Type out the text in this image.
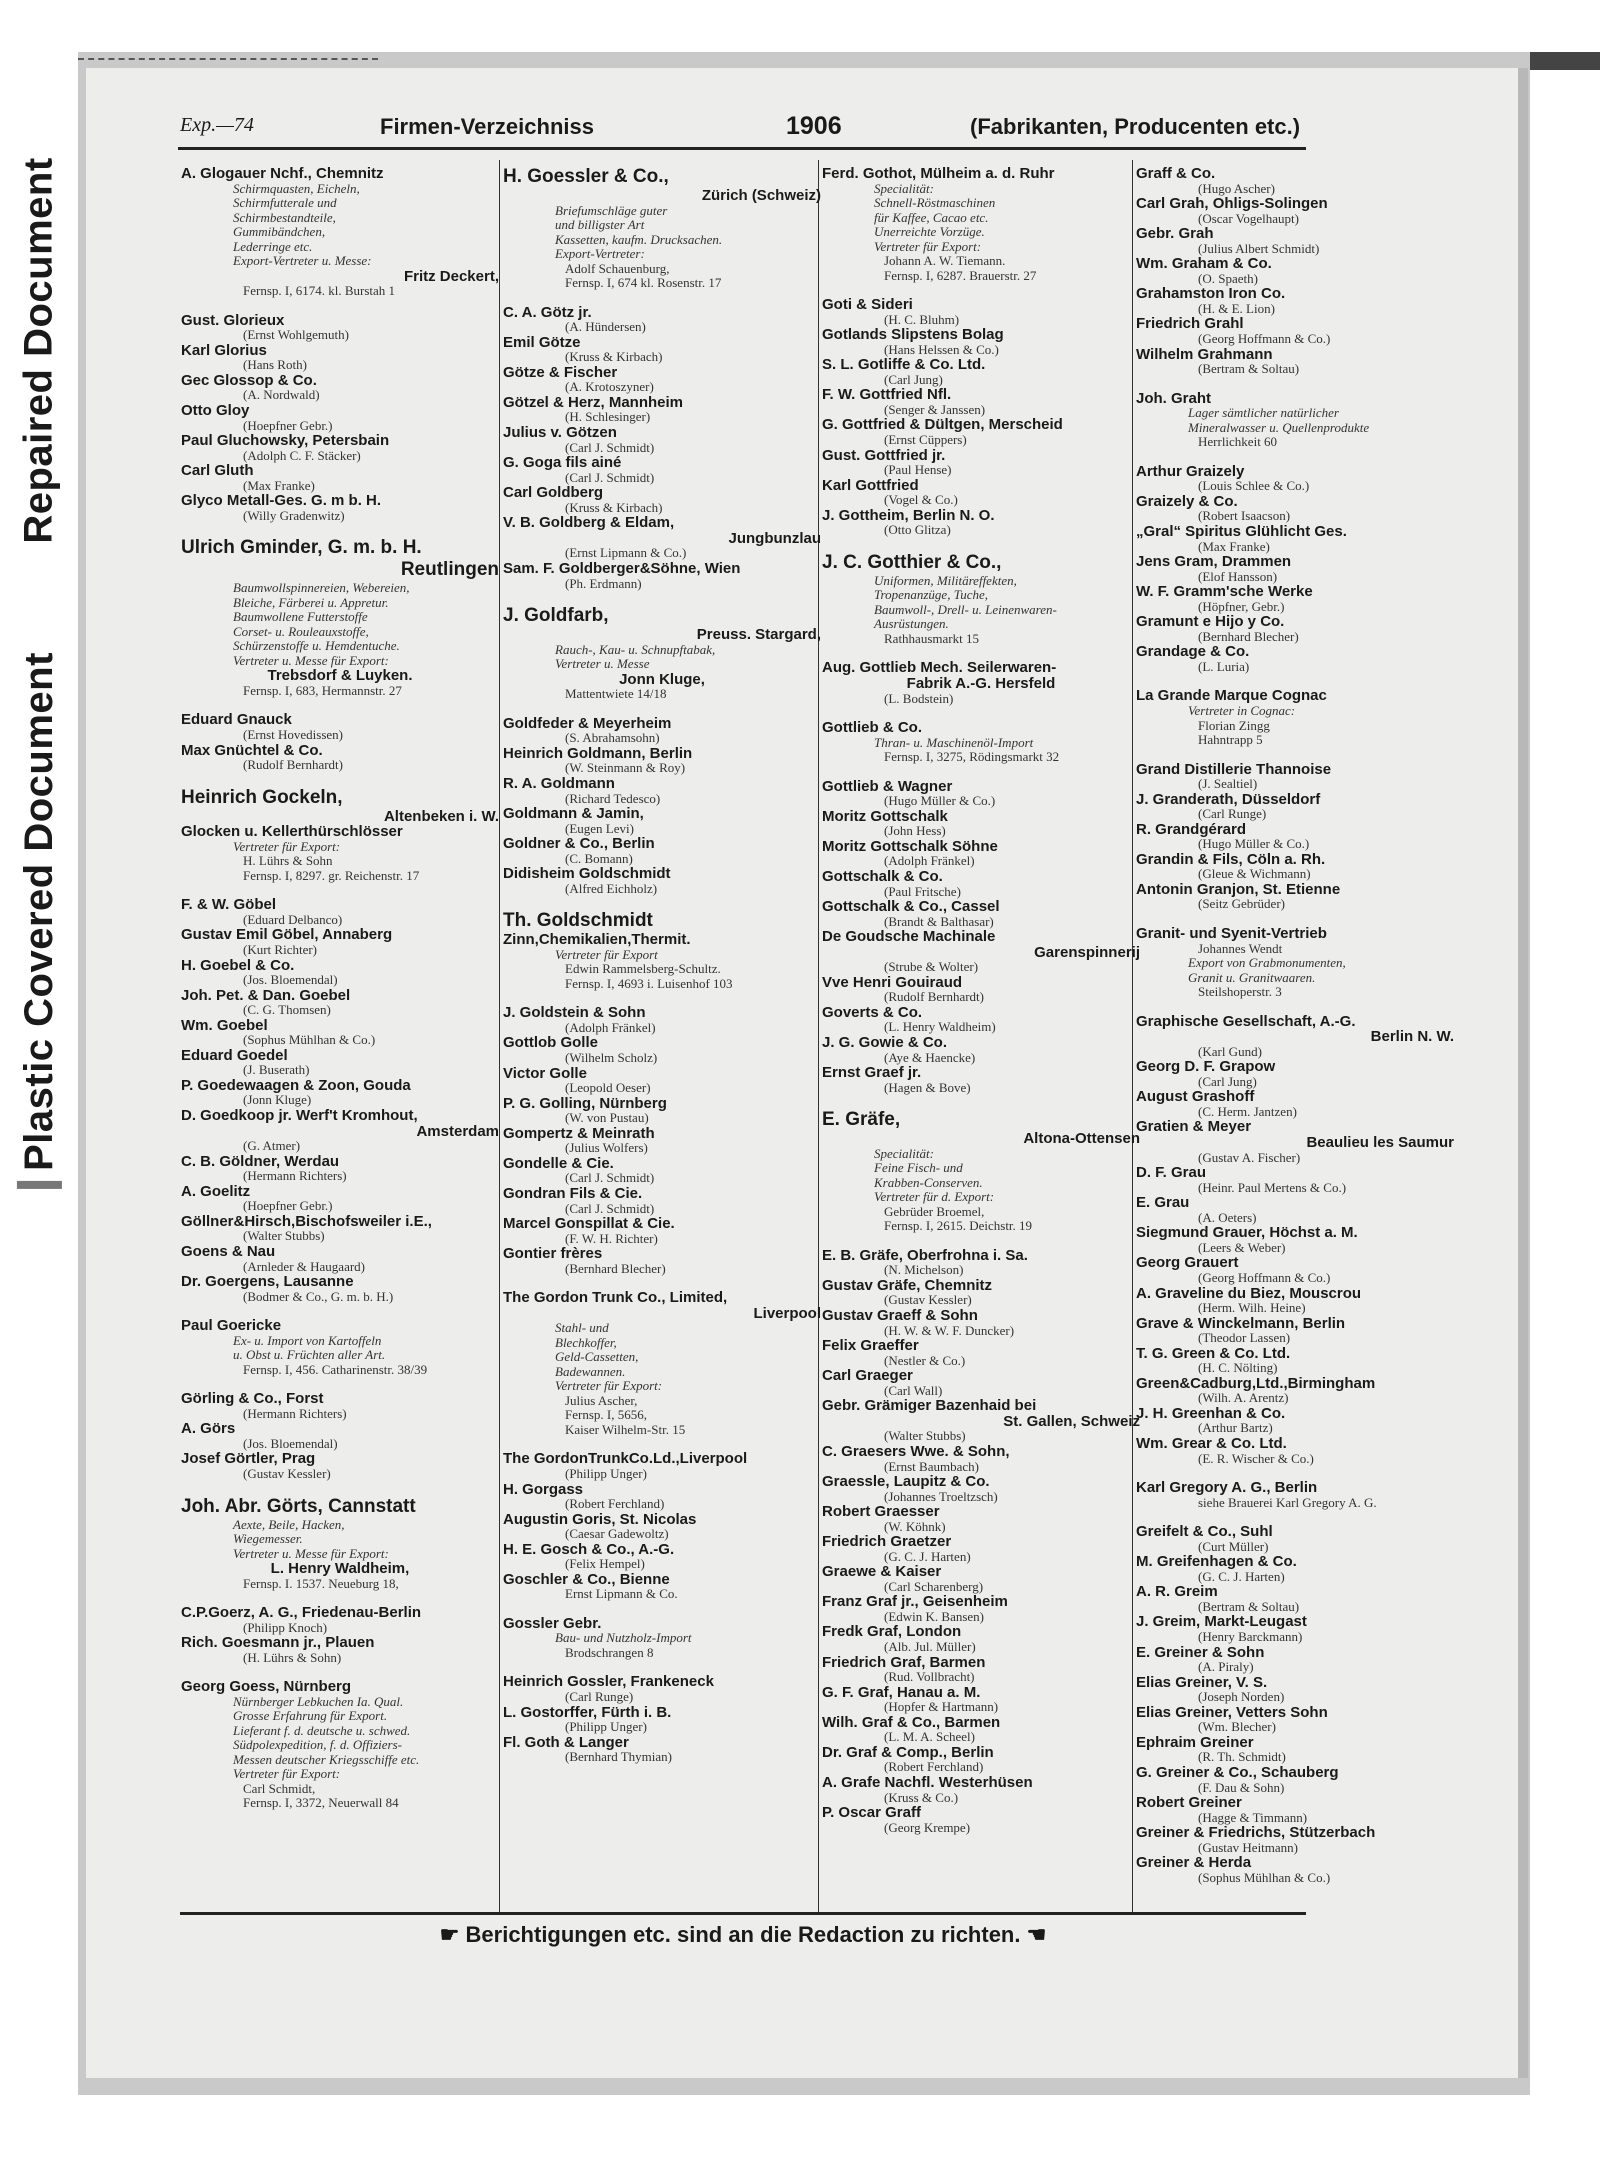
Repaired Document
Plastic Covered Document
Exp.—74	Firmen-Verzeichniss	1906	(Fabrikanten, Producenten etc.)
A. Glogauer Nchf., Chemnitz
Schirmquasten, Eicheln,
Schirmfutterale und
Schirmbestandteile,
Gummibändchen,
Lederringe etc.
Export-Vertreter u. Messe:
Fritz Deckert,
Fernsp. I, 6174. kl. Burstah 1
Gust. Glorieux
(Ernst Wohlgemuth)
Karl Glorius
(Hans Roth)
Gec Glossop & Co.
(A. Nordwald)
Otto Gloy
(Hoepfner Gebr.)
Paul Gluchowsky, Petersbain
(Adolph C. F. Stäcker)
Carl Gluth
(Max Franke)
Glyco Metall-Ges. G. m b. H.
(Willy Gradenwitz)
Ulrich Gminder, G. m. b. H.
Reutlingen
Baumwollspinnereien, Webereien,
Bleiche, Färberei u. Appretur.
Baumwollene Futterstoffe
Corset- u. Rouleauxstoffe,
Schürzenstoffe u. Hemdentuche.
Vertreter u. Messe für Export:
Trebsdorf & Luyken.
Fernsp. I, 683, Hermannstr. 27
Eduard Gnauck
(Ernst Hovedissen)
Max Gnüchtel & Co.
(Rudolf Bernhardt)
Heinrich Gockeln,
Altenbeken i. W.
Glocken u. Kellerthürschlösser
Vertreter für Export:
H. Lührs & Sohn
Fernsp. I, 8297. gr. Reichenstr. 17
F. & W. Göbel
(Eduard Delbanco)
Gustav Emil Göbel, Annaberg
(Kurt Richter)
H. Goebel & Co.
(Jos. Bloemendal)
Joh. Pet. & Dan. Goebel
(C. G. Thomsen)
Wm. Goebel
(Sophus Mühlhan & Co.)
Eduard Goedel
(J. Buserath)
P. Goedewaagen & Zoon, Gouda
(Jonn Kluge)
D. Goedkoop jr. Werf't Kromhout,
Amsterdam
(G. Atmer)
C. B. Göldner, Werdau
(Hermann Richters)
A. Goelitz
(Hoepfner Gebr.)
Göllner&Hirsch,Bischofsweiler i.E.,
(Walter Stubbs)
Goens & Nau
(Arnleder & Haugaard)
Dr. Goergens, Lausanne
(Bodmer & Co., G. m. b. H.)
Paul Goericke
Ex- u. Import von Kartoffeln
u. Obst u. Früchten aller Art.
Fernsp. I, 456. Catharinenstr. 38/39
Görling & Co., Forst
(Hermann Richters)
A. Görs
(Jos. Bloemendal)
Josef Görtler, Prag
(Gustav Kessler)
Joh. Abr. Görts, Cannstatt
Aexte, Beile, Hacken,
Wiegemesser.
Vertreter u. Messe für Export:
L. Henry Waldheim,
Fernsp. I. 1537. Neueburg 18,
C.P.Goerz, A. G., Friedenau-Berlin
(Philipp Knoch)
Rich. Goesmann jr., Plauen
(H. Lührs & Sohn)
Georg Goess, Nürnberg
Nürnberger Lebkuchen Ia. Qual.
Grosse Erfahrung für Export.
Lieferant f. d. deutsche u. schwed.
Südpolexpedition, f. d. Offiziers-
Messen deutscher Kriegsschiffe etc.
Vertreter für Export:
Carl Schmidt,
Fernsp. I, 3372, Neuerwall 84
H. Goessler & Co.,
Zürich (Schweiz)
Briefumschläge guter
und billigster Art
Kassetten, kaufm. Drucksachen.
Export-Vertreter:
Adolf Schauenburg,
Fernsp. I, 674 kl. Rosenstr. 17
C. A. Götz jr.
(A. Hündersen)
Emil Götze
(Kruss & Kirbach)
Götze & Fischer
(A. Krotoszyner)
Götzel & Herz, Mannheim
(H. Schlesinger)
Julius v. Götzen
(Carl J. Schmidt)
G. Goga fils ainé
(Carl J. Schmidt)
Carl Goldberg
(Kruss & Kirbach)
V. B. Goldberg & Eldam,
Jungbunzlau
(Ernst Lipmann & Co.)
Sam. F. Goldberger&Söhne, Wien
(Ph. Erdmann)
J. Goldfarb,
Preuss. Stargard,
Rauch-, Kau- u. Schnupftabak,
Vertreter u. Messe
Jonn Kluge,
Mattentwiete 14/18
Goldfeder & Meyerheim
(S. Abrahamsohn)
Heinrich Goldmann, Berlin
(W. Steinmann & Roy)
R. A. Goldmann
(Richard Tedesco)
Goldmann & Jamin,
(Eugen Levi)
Goldner & Co., Berlin
(C. Bomann)
Didisheim Goldschmidt
(Alfred Eichholz)
Th. Goldschmidt
Zinn,Chemikalien,Thermit.
Vertreter für Export
Edwin Rammelsberg-Schultz.
Fernsp. I, 4693 i. Luisenhof 103
J. Goldstein & Sohn
(Adolph Fränkel)
Gottlob Golle
(Wilhelm Scholz)
Victor Golle
(Leopold Oeser)
P. G. Golling, Nürnberg
(W. von Pustau)
Gompertz & Meinrath
(Julius Wolfers)
Gondelle & Cie.
(Carl J. Schmidt)
Gondran Fils & Cie.
(Carl J. Schmidt)
Marcel Gonspillat & Cie.
(F. W. H. Richter)
Gontier frères
(Bernhard Blecher)
The Gordon Trunk Co., Limited,
Liverpool
Stahl- und
Blechkoffer,
Geld-Cassetten,
Badewannen.
Vertreter für Export:
Julius Ascher,
Fernsp. I, 5656,
Kaiser Wilhelm-Str. 15
The GordonTrunkCo.Ld.,Liverpool
(Philipp Unger)
H. Gorgass
(Robert Ferchland)
Augustin Goris, St. Nicolas
(Caesar Gadewoltz)
H. E. Gosch & Co., A.-G.
(Felix Hempel)
Goschler & Co., Bienne
Ernst Lipmann & Co.
Gossler Gebr.
Bau- und Nutzholz-Import
Brodschrangen 8
Heinrich Gossler, Frankeneck
(Carl Runge)
L. Gostorffer, Fürth i. B.
(Philipp Unger)
Fl. Goth & Langer
(Bernhard Thymian)
Ferd. Gothot, Mülheim a. d. Ruhr
Specialität:
Schnell-Röstmaschinen
für Kaffee, Cacao etc.
Unerreichte Vorzüge.
Vertreter für Export:
Johann A. W. Tiemann.
Fernsp. I, 6287. Brauerstr. 27
Goti & Sideri
(H. C. Bluhm)
Gotlands Slipstens Bolag
(Hans Helssen & Co.)
S. L. Gotliffe & Co. Ltd.
(Carl Jung)
F. W. Gottfried Nfl.
(Senger & Janssen)
G. Gottfried & Dültgen, Merscheid
(Ernst Cüppers)
Gust. Gottfried jr.
(Paul Hense)
Karl Gottfried
(Vogel & Co.)
J. Gottheim, Berlin N. O.
(Otto Glitza)
J. C. Gotthier & Co.,
Uniformen, Militäreffekten,
Tropenanzüge, Tuche,
Baumwoll-, Drell- u. Leinenwaren-
Ausrüstungen.
Rathhausmarkt 15
Aug. Gottlieb Mech. Seilerwaren-
Fabrik A.-G. Hersfeld
(L. Bodstein)
Gottlieb & Co.
Thran- u. Maschinenöl-Import
Fernsp. I, 3275, Rödingsmarkt 32
Gottlieb & Wagner
(Hugo Müller & Co.)
Moritz Gottschalk
(John Hess)
Moritz Gottschalk Söhne
(Adolph Fränkel)
Gottschalk & Co.
(Paul Fritsche)
Gottschalk & Co., Cassel
(Brandt & Balthasar)
De Goudsche Machinale
Garenspinnerij
(Strube & Wolter)
Vve Henri Gouiraud
(Rudolf Bernhardt)
Goverts & Co.
(L. Henry Waldheim)
J. G. Gowie & Co.
(Aye & Haencke)
Ernst Graef jr.
(Hagen & Bove)
E. Gräfe,
Altona-Ottensen
Specialität:
Feine Fisch- und
Krabben-Conserven.
Vertreter für d. Export:
Gebrüder Broemel,
Fernsp. I, 2615. Deichstr. 19
E. B. Gräfe, Oberfrohna i. Sa.
(N. Michelson)
Gustav Gräfe, Chemnitz
(Gustav Kessler)
Gustav Graeff & Sohn
(H. W. & W. F. Duncker)
Felix Graeffer
(Nestler & Co.)
Carl Graeger
(Carl Wall)
Gebr. Grämiger Bazenhaid bei
St. Gallen, Schweiz
(Walter Stubbs)
C. Graesers Wwe. & Sohn,
(Ernst Baumbach)
Graessle, Laupitz & Co.
(Johannes Troeltzsch)
Robert Graesser
(W. Köhnk)
Friedrich Graetzer
(G. C. J. Harten)
Graewe & Kaiser
(Carl Scharenberg)
Franz Graf jr., Geisenheim
(Edwin K. Bansen)
Fredk Graf, London
(Alb. Jul. Müller)
Friedrich Graf, Barmen
(Rud. Vollbracht)
G. F. Graf, Hanau a. M.
(Hopfer & Hartmann)
Wilh. Graf & Co., Barmen
(L. M. A. Scheel)
Dr. Graf & Comp., Berlin
(Robert Ferchland)
A. Grafe Nachfl. Westerhüsen
(Kruss & Co.)
P. Oscar Graff
(Georg Krempe)
Graff & Co.
(Hugo Ascher)
Carl Grah, Ohligs-Solingen
(Oscar Vogelhaupt)
Gebr. Grah
(Julius Albert Schmidt)
Wm. Graham & Co.
(O. Spaeth)
Grahamston Iron Co.
(H. & E. Lion)
Friedrich Grahl
(Georg Hoffmann & Co.)
Wilhelm Grahmann
(Bertram & Soltau)
Joh. Graht
Lager sämtlicher natürlicher
Mineralwasser u. Quellenprodukte
Herrlichkeit 60
Arthur Graizely
(Louis Schlee & Co.)
Graizely & Co.
(Robert Isaacson)
„Gral“ Spiritus Glühlicht Ges.
(Max Franke)
Jens Gram, Drammen
(Elof Hansson)
W. F. Gramm'sche Werke
(Höpfner, Gebr.)
Gramunt e Hijo y Co.
(Bernhard Blecher)
Grandage & Co.
(L. Luria)
La Grande Marque Cognac
Vertreter in Cognac:
Florian Zingg
Hahntrapp 5
Grand Distillerie Thannoise
(J. Sealtiel)
J. Granderath, Düsseldorf
(Carl Runge)
R. Grandgérard
(Hugo Müller & Co.)
Grandin & Fils, Cöln a. Rh.
(Gleue & Wichmann)
Antonin Granjon, St. Etienne
(Seitz Gebrüder)
Granit- und Syenit-Vertrieb
Johannes Wendt
Export von Grabmonumenten,
Granit u. Granitwaaren.
Steilshoperstr. 3
Graphische Gesellschaft, A.-G.
Berlin N. W.
(Karl Gund)
Georg D. F. Grapow
(Carl Jung)
August Grashoff
(C. Herm. Jantzen)
Gratien & Meyer
Beaulieu les Saumur
(Gustav A. Fischer)
D. F. Grau
(Heinr. Paul Mertens & Co.)
E. Grau
(A. Oeters)
Siegmund Grauer, Höchst a. M.
(Leers & Weber)
Georg Grauert
(Georg Hoffmann & Co.)
A. Graveline du Biez, Mouscrou
(Herm. Wilh. Heine)
Grave & Winckelmann, Berlin
(Theodor Lassen)
T. G. Green & Co. Ltd.
(H. C. Nölting)
Green&Cadburg,Ltd.,Birmingham
(Wilh. A. Arentz)
J. H. Greenhan & Co.
(Arthur Bartz)
Wm. Grear & Co. Ltd.
(E. R. Wischer & Co.)
Karl Gregory A. G., Berlin
siehe Brauerei Karl Gregory A. G.
Greifelt & Co., Suhl
(Curt Müller)
M. Greifenhagen & Co.
(G. C. J. Harten)
A. R. Greim
(Bertram & Soltau)
J. Greim, Markt-Leugast
(Henry Barckmann)
E. Greiner & Sohn
(A. Piraly)
Elias Greiner, V. S.
(Joseph Norden)
Elias Greiner, Vetters Sohn
(Wm. Blecher)
Ephraim Greiner
(R. Th. Schmidt)
G. Greiner & Co., Schauberg
(F. Dau & Sohn)
Robert Greiner
(Hagge & Timmann)
Greiner & Friedrichs, Stützerbach
(Gustav Heitmann)
Greiner & Herda
(Sophus Mühlhan & Co.)
☛ Berichtigungen etc. sind an die Redaction zu richten. ☚
